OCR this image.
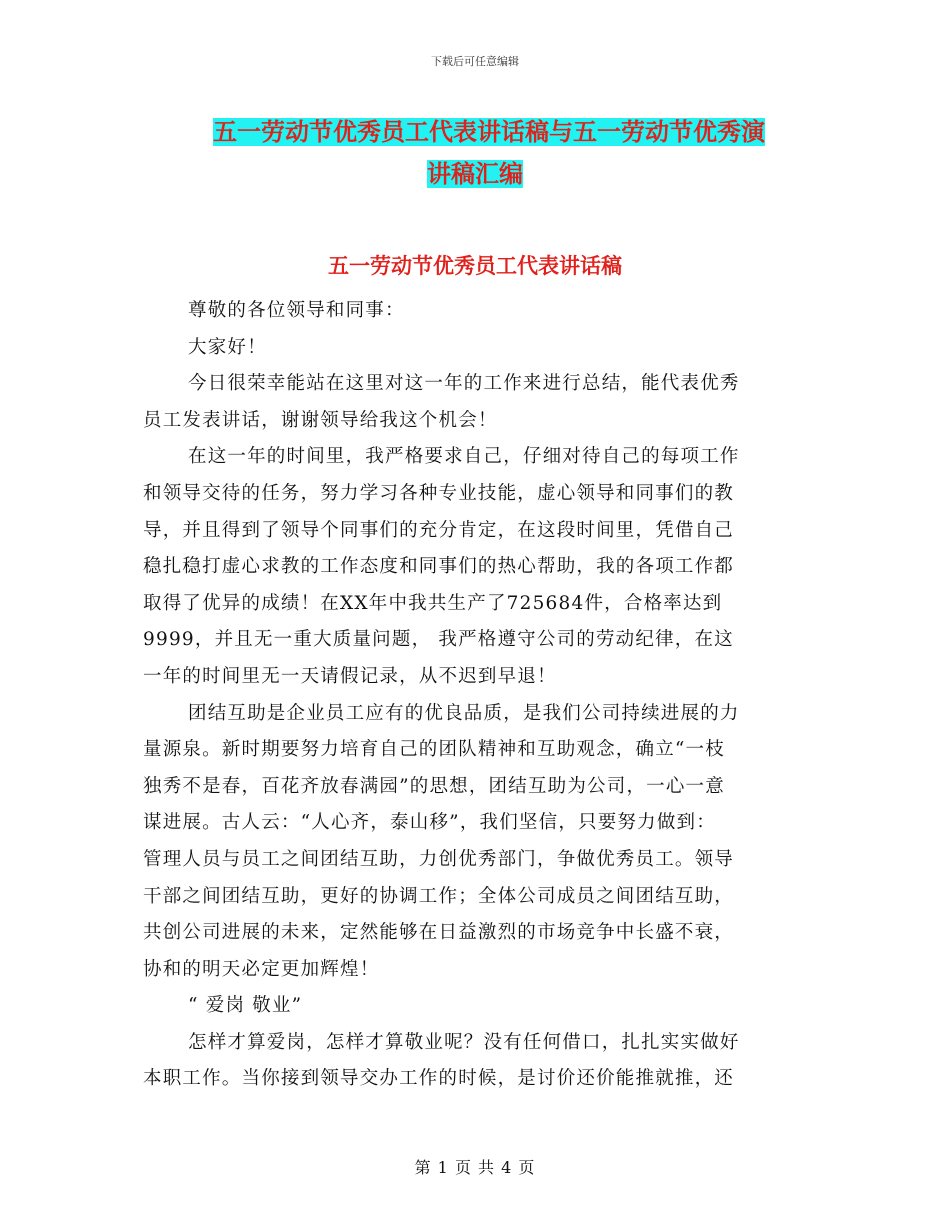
下载后可任意编辑
五一劳动节优秀员工代表讲话稿与五一劳动节优秀演
讲稿汇编
五一劳动节优秀员工代表讲话稿
尊敬的各位领导和同事：
大家好！
今日很荣幸能站在这里对这一年的工作来进行总结，能代表优秀
员工发表讲话，谢谢领导给我这个机会！
在这一年的时间里，我严格要求自己，仔细对待自己的每项工作
和领导交待的任务，努力学习各种专业技能，虚心领导和同事们的教
导，并且得到了领导个同事们的充分肯定，在这段时间里，凭借自己
稳扎稳打虚心求教的工作态度和同事们的热心帮助，我的各项工作都
取得了优异的成绩！在XX年中我共生产了725684件，合格率达到
9999，并且无一重大质量问题， 我严格遵守公司的劳动纪律，在这
一年的时间里无一天请假记录，从不迟到早退！
团结互助是企业员工应有的优良品质，是我们公司持续进展的力
量源泉。新时期要努力培育自己的团队精神和互助观念，确立“一枝
独秀不是春，百花齐放春满园”的思想，团结互助为公司，一心一意
谋进展。古人云：“人心齐，泰山移”，我们坚信，只要努力做到：
管理人员与员工之间团结互助，力创优秀部门，争做优秀员工。领导
干部之间团结互助，更好的协调工作；全体公司成员之间团结互助，
共创公司进展的未来，定然能够在日益激烈的市场竞争中长盛不衰，
协和的明天必定更加辉煌！
“ 爱岗 敬业”
怎样才算爱岗，怎样才算敬业呢？没有任何借口，扎扎实实做好
本职工作。当你接到领导交办工作的时候，是讨价还价能推就推，还
第 1 页 共 4 页
